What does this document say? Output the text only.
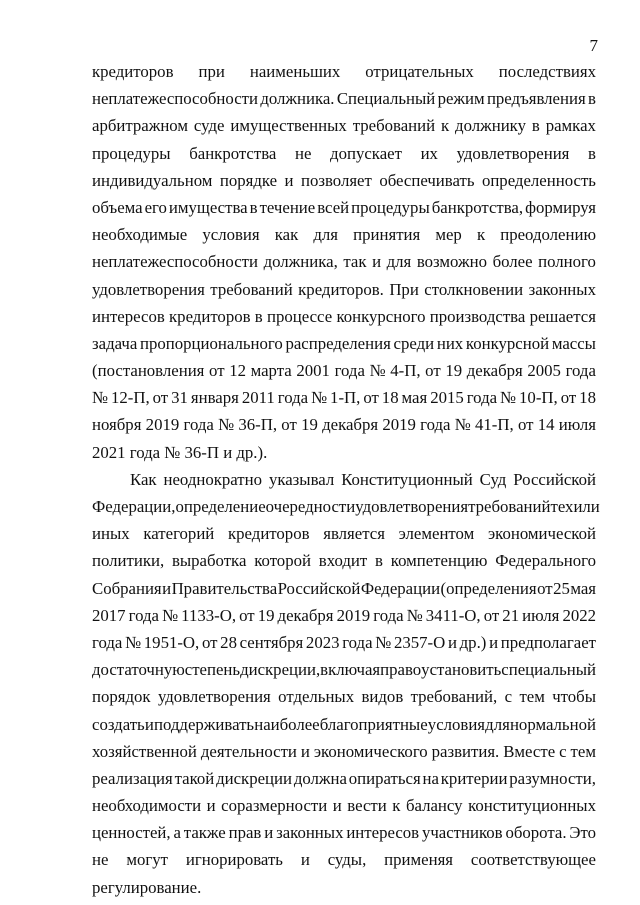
7
кредиторов при наименьших отрицательных последствиях
неплатежеспособности должника. Специальный режим предъявления в
арбитражном суде имущественных требований к должнику в рамках
процедуры банкротства не допускает их удовлетворения в
индивидуальном порядке и позволяет обеспечивать определенность
объема его имущества в течение всей процедуры банкротства, формируя
необходимые условия как для принятия мер к преодолению
неплатежеспособности должника, так и для возможно более полного
удовлетворения требований кредиторов. При столкновении законных
интересов кредиторов в процессе конкурсного производства решается
задача пропорционального распределения среди них конкурсной массы
(постановления от 12 марта 2001 года № 4-П, от 19 декабря 2005 года
№ 12-П, от 31 января 2011 года № 1-П, от 18 мая 2015 года № 10-П, от 18
ноября 2019 года № 36-П, от 19 декабря 2019 года № 41-П, от 14 июля
2021 года № 36-П и др.).
Как неоднократно указывал Конституционный Суд Российской
Федерации, определение очередности удовлетворения требований тех или
иных категорий кредиторов является элементом экономической
политики, выработка которой входит в компетенцию Федерального
Собрания и Правительства Российской Федерации (определения от 25 мая
2017 года № 1133-О, от 19 декабря 2019 года № 3411-О, от 21 июля 2022
года № 1951-О, от 28 сентября 2023 года № 2357-О и др.) и предполагает
достаточную степень дискреции, включая право установить специальный
порядок удовлетворения отдельных видов требований, с тем чтобы
создать и поддерживать наиболее благоприятные условия для нормальной
хозяйственной деятельности и экономического развития. Вместе с тем
реализация такой дискреции должна опираться на критерии разумности,
необходимости и соразмерности и вести к балансу конституционных
ценностей, а также прав и законных интересов участников оборота. Это
не могут игнорировать и суды, применяя соответствующее
регулирование.
